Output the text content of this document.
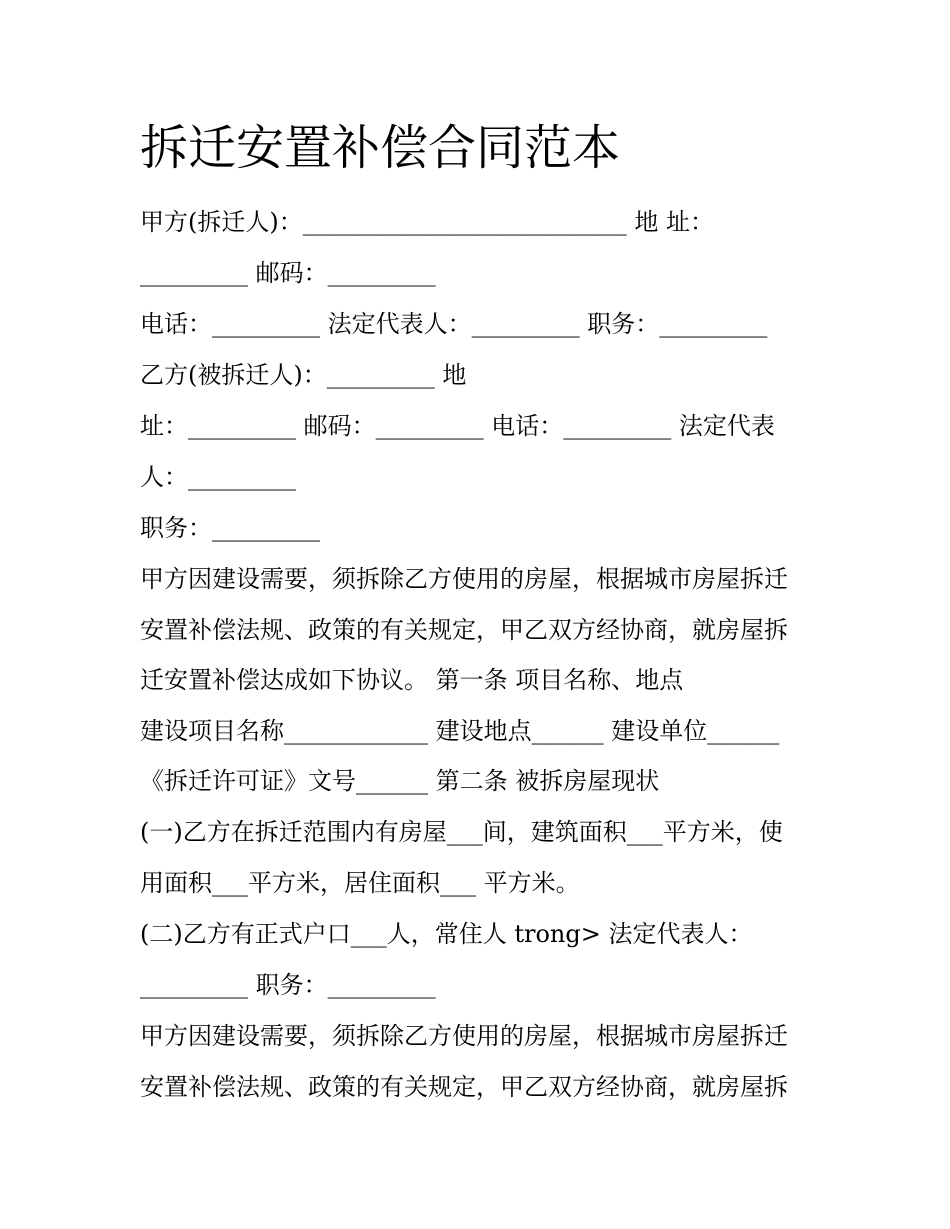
拆迁安置补偿合同范本

甲方(拆迁人)：___________________________ 地 址：

_________ 邮码：_________

电话：_________ 法定代表人：_________ 职务：_________

乙方(被拆迁人)：_________ 地

址：_________ 邮码：_________ 电话：_________ 法定代表

人：_________

职务：_________

甲方因建设需要，须拆除乙方使用的房屋，根据城市房屋拆迁

安置补偿法规、政策的有关规定，甲乙双方经协商，就房屋拆

迁安置补偿达成如下协议。 第一条 项目名称、地点

建设项目名称____________ 建设地点______ 建设单位______

《拆迁许可证》文号______ 第二条 被拆房屋现状

(一)乙方在拆迁范围内有房屋___间，建筑面积___平方米，使

用面积___平方米，居住面积___ 平方米。

(二)乙方有正式户口___人，常住人 trong> 法定代表人：

_________ 职务：_________

甲方因建设需要，须拆除乙方使用的房屋，根据城市房屋拆迁

安置补偿法规、政策的有关规定，甲乙双方经协商，就房屋拆
